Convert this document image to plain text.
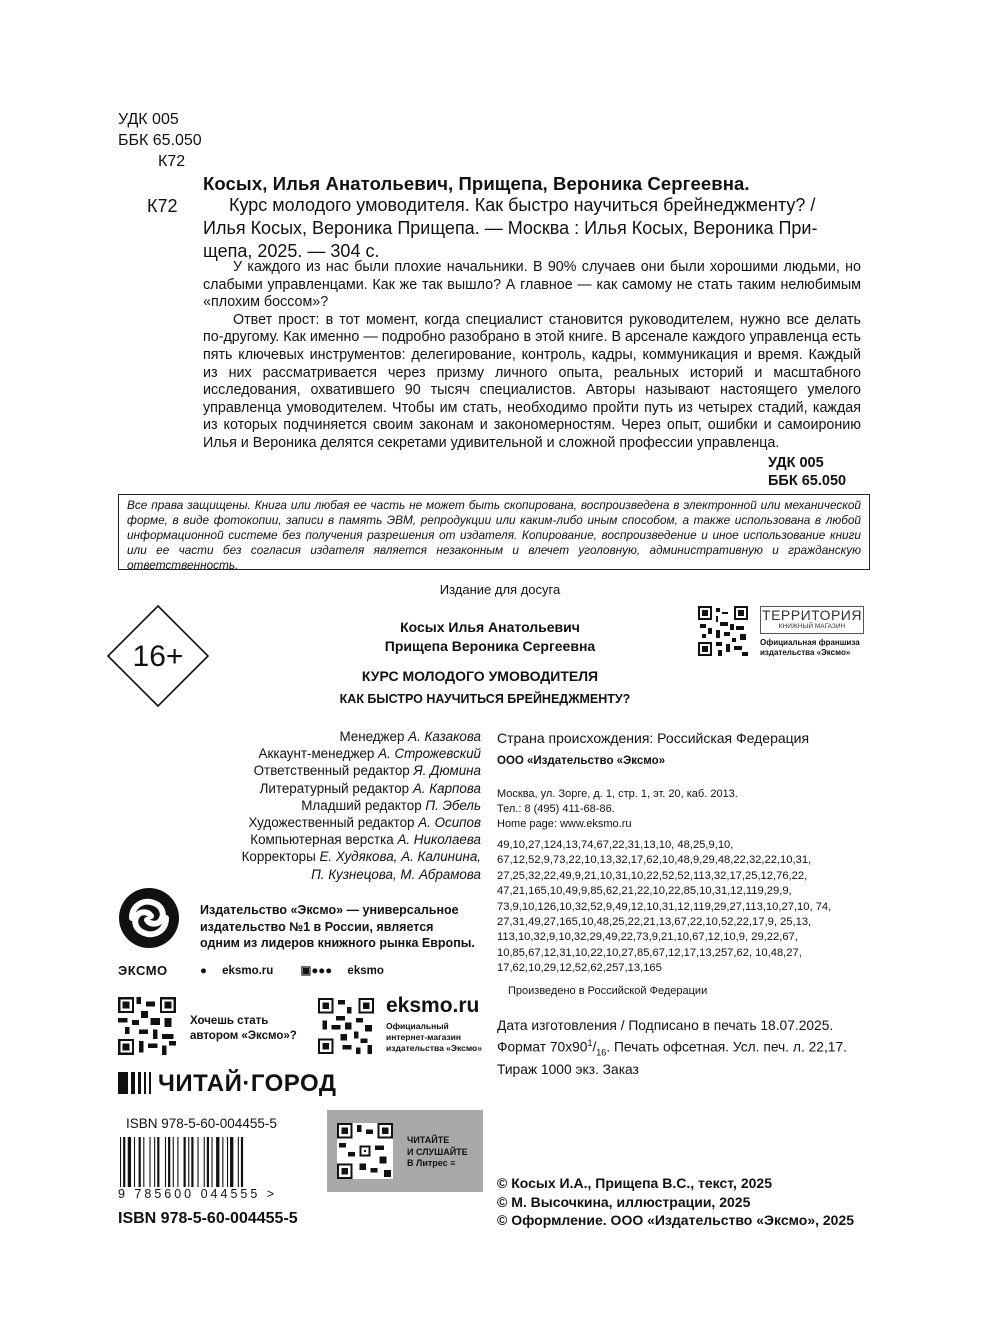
УДК 005
ББК 65.050
К72
Косых, Илья Анатольевич, Прищепа, Вероника Сергеевна.
К72	Курс молодого умоводителя. Как быстро научиться брейнеджменту? /
Илья Косых, Вероника Прищепа. — Москва : Илья Косых, Вероника При-
щепа, 2025. — 304 с.

У каждого из нас были плохие начальники. В 90% случаев они были хорошими людьми, но слабыми управленцами. Как же так вышло? А главное — как самому не стать таким нелюбимым «плохим боссом»?

Ответ прост: в тот момент, когда специалист становится руководителем, нужно все делать по-другому. Как именно — подробно разобрано в этой книге. В арсенале каждого управленца есть пять ключевых инструментов: делегирование, контроль, кадры, коммуникация и время. Каждый из них рассматривается через призму личного опыта, реальных историй и масштабного исследования, охватившего 90 тысяч специалистов. Авторы называют настоящего умелого управленца умоводителем. Чтобы им стать, необходимо пройти путь из четырех стадий, каждая из которых подчиняется своим законам и закономерностям. Через опыт, ошибки и самоиронию Илья и Вероника делятся секретами удивительной и сложной профессии управленца.

УДК 005
ББК 65.050
Все права защищены. Книга или любая ее часть не может быть скопирована, воспроизведена в электронной или механической форме, в виде фотокопии, записи в память ЭВМ, репродукции или каким-либо иным способом, а также использована в любой информационной системе без получения разрешения от издателя. Копирование, воспроизведение и иное использование книги или ее части без согласия издателя является незаконным и влечет уголовную, административную и гражданскую ответственность.
Издание для досуга
16+
Косых Илья Анатольевич
Прищепа Вероника Сергеевна
КУРС МОЛОДОГО УМОВОДИТЕЛЯ
КАК БЫСТРО НАУЧИТЬСЯ БРЕЙНЕДЖМЕНТУ?
ТЕРРИТОРИЯ
КНИЖНЫЙ МАГАЗИН
Официальная франшиза
издательства «Эксмо»
Менеджер А. Казакова
Аккаунт-менеджер А. Строжевский
Ответственный редактор Я. Дюмина
Литературный редактор А. Карпова
Младший редактор П. Эбель
Художественный редактор А. Осипов
Компьютерная верстка А. Николаева
Корректоры Е. Худякова, А. Калинина,
П. Кузнецова, М. Абрамова
Страна происхождения: Российская Федерация
ООО «Издательство «Эксмо»
Москва, ул. Зорге, д. 1, стр. 1, эт. 20, каб. 2013.
Тел.: 8 (495) 411-68-86.
Home page: www.eksmo.ru
49,10,27,124,13,74,67,22,31,13,10, 48,25,9,10, 67,12,52,9,73,22,10,13,32,17,62,10,48,9,29,48,22,32,22,10,31, 27,25,32,22,49,9,21,10,31,10,22,52,52,113,32,17,25,12,76,22, 47,21,165,10,49,9,85,62,21,22,10,22,85,10,31,12,119,29,9, 73,9,10,126,10,32,52,9,49,12,10,31,12,119,29,27,113,10,27,10, 74, 27,31,49,27,165,10,48,25,22,21,13,67,22,10,52,22,17,9, 25,13, 113,10,32,9,10,32,29,49,22,73,9,21,10,67,12,10,9, 29,22,67, 10,85,67,12,31,10,22,10,27,85,67,12,17,13,257,62, 10,48,27, 17,62,10,29,12,52,62,257,13,165
Произведено в Российской Федерации
Дата изготовления / Подписано в печать 18.07.2025.
Формат $70х90^1/_{16}$. Печать офсетная. Усл. печ. л. 22,17.
Тираж 1000 экз. Заказ
© Косых И.А., Прищепа В.С., текст, 2025
© М. Высочкина, иллюстрации, 2025
© Оформление. ООО «Издательство «Эксмо», 2025
ЭКСМО
Издательство «Эксмо» — универсальное
издательство №1 в России, является
одним из лидеров книжного рынка Европы.
● eksmo.ru ▣●●● eksmo
Хочешь стать
автором «Эксмо»?
eksmo.ru
Официальный
интернет-магазин
издательства «Эксмо»
ЧИТАЙ·ГОРОД
ЧИТАЙТЕ
И СЛУШАЙТЕ
В Литрес ≡
ISBN 978-5-60-004455-5
9 785600 044555 >
ISBN 978-5-60-004455-5
